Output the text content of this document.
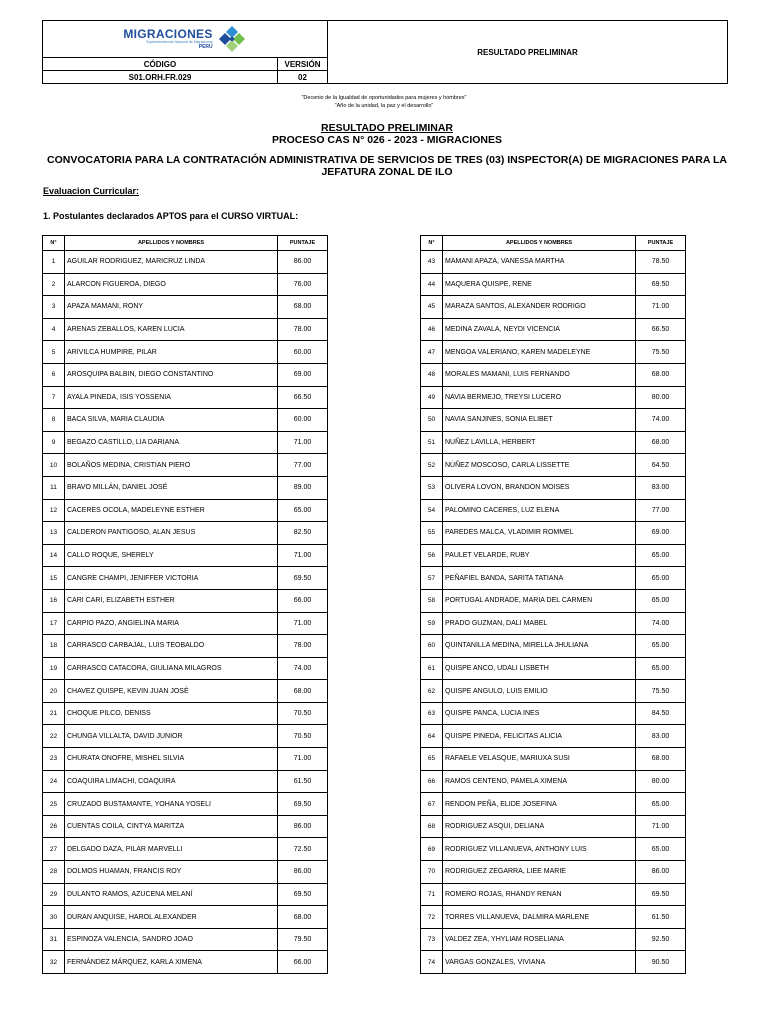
MIGRACIONES
Superintendencia Nacional de Migraciones
PERÚ		RESULTADO PRELIMINAR
CÓDIGO	VERSIÓN	
S01.ORH.FR.029	02	
"Decenio de la Igualdad de oportunidades para mujeres y hombres"
"Año de la unidad, la paz y el desarrollo"
RESULTADO PRELIMINAR
PROCESO CAS N° 026 - 2023 - MIGRACIONES
CONVOCATORIA PARA LA CONTRATACIÓN ADMINISTRATIVA DE SERVICIOS DE TRES (03) INSPECTOR(A) DE MIGRACIONES PARA LA JEFATURA ZONAL DE ILO
Evaluacion Curricular:
1. Postulantes declarados APTOS para el CURSO VIRTUAL:
N°	APELLIDOS Y NOMBRES	PUNTAJE
1	AGUILAR RODRIGUEZ, MARICRUZ LINDA	86.00
2	ALARCON FIGUEROA, DIEGO	76.00
3	APAZA MAMANI, RONY	68.00
4	ARENAS ZEBALLOS, KAREN LUCIA	78.00
5	ARIVILCA HUMPIRE, PILAR	60.00
6	AROSQUIPA BALBIN, DIEGO CONSTANTINO	69.00
7	AYALA PINEDA, ISIS YOSSENIA	66.50
8	BACA SILVA, MARIA CLAUDIA	60.00
9	BEGAZO CASTILLO, LIA DARIANA	71.00
10	BOLAÑOS MEDINA, CRISTIAN PIERO	77.00
11	BRAVO MILLÁN, DANIEL JOSÉ	89.00
12	CACERES OCOLA, MADELEYNE ESTHER	65.00
13	CALDERON PANTIGOSO, ALAN JESUS	82.50
14	CALLO ROQUE, SHERELY	71.00
15	CANGRE CHAMPI, JENIFFER VICTORIA	69.50
16	CARI CARI, ELIZABETH ESTHER	66.00
17	CARPIO PAZO, ANGIELINA MARIA	71.00
18	CARRASCO CARBAJAL, LUIS TEOBALDO	78.00
19	CARRASCO CATACORA, GIULIANA MILAGROS	74.00
20	CHAVEZ QUISPE, KEVIN JUAN JOSÉ	68.00
21	CHOQUE PILCO, DENISS	70.50
22	CHUNGA VILLALTA, DAVID JUNIOR	70.50
23	CHURATA ONOFRE, MISHEL SILVIA	71.00
24	COAQUIRA LIMACHI, COAQUIRA	61.50
25	CRUZADO BUSTAMANTE, YOHANA YOSELI	69.50
26	CUENTAS COILA, CINTYA MARITZA	86.00
27	DELGADO DAZA, PILAR MARVELLI	72.50
28	DOLMOS HUAMAN, FRANCIS ROY	86.00
29	DULANTO RAMOS, AZUCENA MELANÍ	69.50
30	DURAN ANQUISE, HAROL ALEXANDER	68.00
31	ESPINOZA VALENCIA, SANDRO JOAO	79.50
32	FERNÁNDEZ MÁRQUEZ, KARLA XIMENA	66.00
N°	APELLIDOS Y NOMBRES	PUNTAJE
43	MAMANI APAZA, VANESSA MARTHA	78.50
44	MAQUERA QUISPE, RENE	69.50
45	MARAZA SANTOS, ALEXANDER RODRIGO	71.00
46	MEDINA ZAVALA, NEYDI VICENCIA	66.50
47	MENGOA VALERIANO, KAREN MADELEYNE	75.50
48	MORALES MAMANI, LUIS FERNANDO	68.00
49	NAVIA BERMEJO, TREYSI LUCERO	80.00
50	NAVIA SANJINES, SONIA ELIBET	74.00
51	NUÑEZ LAVILLA, HERBERT	68.00
52	NÚÑEZ MOSCOSO, CARLA LISSETTE	64.50
53	OLIVERA LOVON, BRANDON MOISES	83.00
54	PALOMINO CACERES, LUZ ELENA	77.00
55	PAREDES MALCA, VLADIMIR ROMMEL	69.00
56	PAULET VELARDE, RUBY	65.00
57	PEÑAFIEL BANDA, SARITA TATIANA	65.00
58	PORTUGAL ANDRADE, MARIA DEL CARMEN	65.00
59	PRADO GUZMAN, DALI MABEL	74.00
60	QUINTANILLA MEDINA, MIRELLA JHULIANA	65.00
61	QUISPE ANCO, UDALI LISBETH	65.00
62	QUISPE ANGULO, LUIS EMILIO	75.50
63	QUISPE PANCA, LUCIA INES	84.50
64	QUISPE PINEDA, FELICITAS ALICIA	83.00
65	RAFAELE VELASQUE, MARIUXA SUSI	68.00
66	RAMOS CENTENO, PAMELA XIMENA	80.00
67	RENDON PEÑA, ELIDE JOSEFINA	65.00
68	RODRIGUEZ ASQUI, DELIANA	71.00
69	RODRIGUEZ VILLANUEVA, ANTHONY LUIS	65.00
70	RODRIGUEZ ZEGARRA, LIEE MARIE	86.00
71	ROMERO ROJAS, RHANDY RENAN	69.50
72	TORRES VILLANUEVA, DALMIRA MARLENE	61.50
73	VALDEZ ZEA, YHYLIAM ROSELIANA	92.50
74	VARGAS GONZALES, VIVIANA	90.50
